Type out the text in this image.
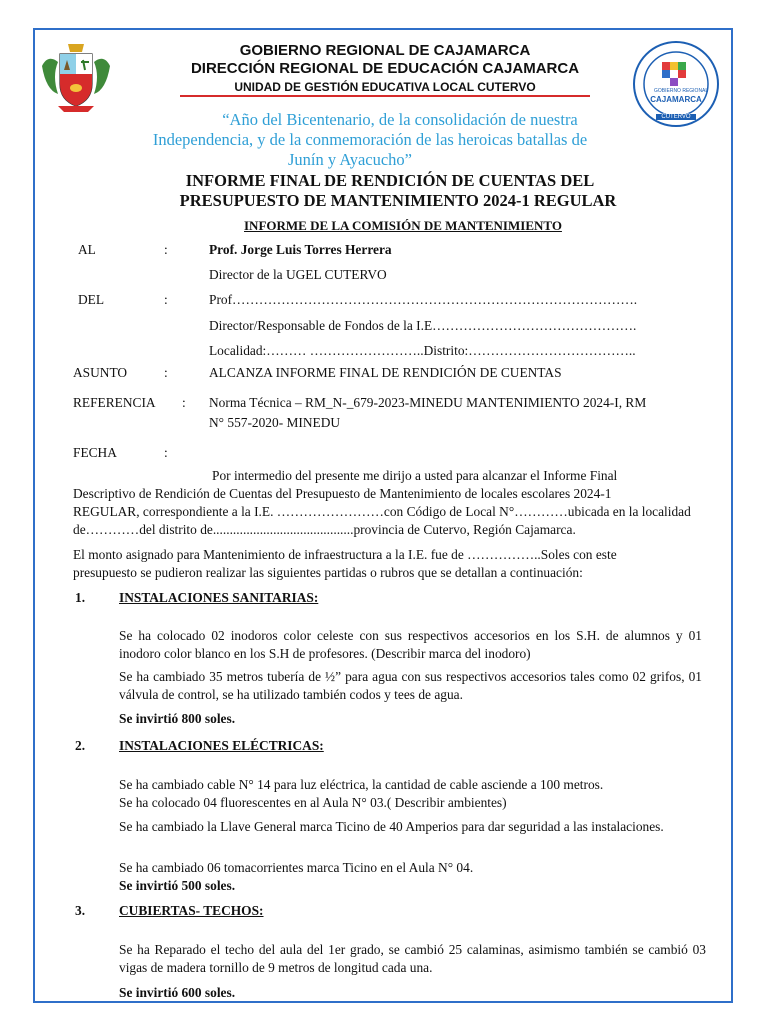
GOBIERNO REGIONAL DE CAJAMARCA
DIRECCIÓN REGIONAL DE EDUCACIÓN CAJAMARCA
UNIDAD DE GESTIÓN EDUCATIVA LOCAL CUTERVO	GOBIERNO REGIONAL
CAJAMARCA
CUTERVO
“Año del Bicentenario, de la consolidación de nuestra
Independencia, y de la conmemoración de las heroicas batallas de
Junín y Ayacucho”
INFORME FINAL DE RENDICIÓN DE CUENTAS DEL
PRESUPUESTO DE MANTENIMIENTO 2024-1 REGULAR
INFORME DE LA COMISIÓN DE MANTENIMIENTO
AL	:	Prof. Jorge Luis Torres Herrera
Director de la UGEL CUTERVO
DEL	:	Prof……………………………………………………………………………….
Director/Responsable de Fondos de la I.E……………………………………….
Localidad:……… ……………………..Distrito:………………………………..
ASUNTO	:	ALCANZA INFORME FINAL DE RENDICIÓN DE CUENTAS
REFERENCIA : Norma Técnica – RM_N-_679-2023-MINEDU MANTENIMIENTO 2024-I, RM
N° 557-2020- MINEDU
FECHA	:
Por intermedio del presente me dirijo a usted para alcanzar el Informe Final
Descriptivo de Rendición de Cuentas del Presupuesto de Mantenimiento de locales escolares 2024-1
REGULAR, correspondiente a la I.E. ……………………con Código de Local N°…………ubicada en la localidad
de…………del distrito de..........................................provincia de Cutervo, Región Cajamarca.
El monto asignado para Mantenimiento de infraestructura a la I.E. fue de ……………..Soles con este
presupuesto se pudieron realizar las siguientes partidas o rubros que se detallan a continuación:
1.	INSTALACIONES SANITARIAS:
Se ha colocado 02 inodoros color celeste con sus respectivos accesorios en los S.H. de alumnos y 01 inodoro color blanco en los S.H de profesores. (Describir marca del inodoro)
Se ha cambiado 35 metros tubería de ½” para agua con sus respectivos accesorios tales como 02 grifos, 01 válvula de control, se ha utilizado también codos y tees de agua.
Se invirtió 800 soles.
2.	INSTALACIONES ELÉCTRICAS:
Se ha cambiado cable N° 14 para luz eléctrica, la cantidad de cable asciende a 100 metros.
Se ha colocado 04 fluorescentes en al Aula N° 03.( Describir ambientes)
Se ha cambiado la Llave General marca Ticino de 40 Amperios para dar seguridad a las instalaciones.
Se ha cambiado 06 tomacorrientes marca Ticino en el Aula N° 04.
Se invirtió 500 soles.
3.	CUBIERTAS- TECHOS:
Se ha Reparado el techo del aula del 1er grado, se cambió 25 calaminas, asimismo también se cambió 03 vigas de madera tornillo de 9 metros de longitud cada una.
Se invirtió 600 soles.
